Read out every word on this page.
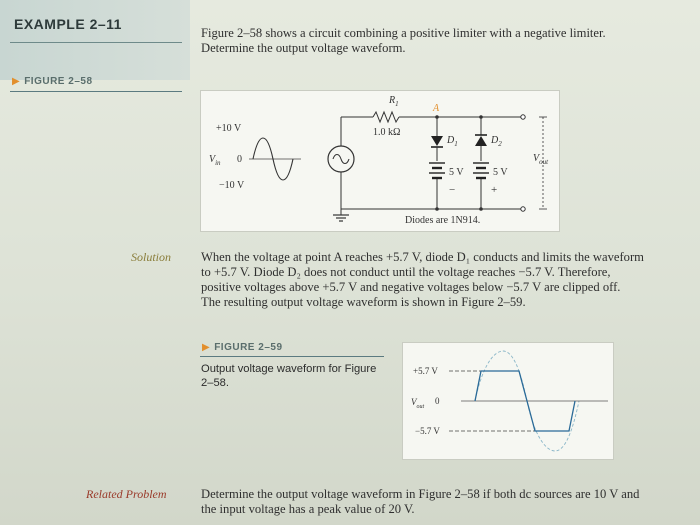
EXAMPLE 2–11
Figure 2–58 shows a circuit combining a positive limiter with a negative limiter.
Determine the output voltage waveform.
▶ FIGURE 2–58
$R_1$
1.0 kΩ
A
$D_1$	$D_2$
5 V	5 V
+10 V
$V_{in}$ 0
−10 V
$V_{out}$
−	+
Diodes are 1N914.
Solution When the voltage at point A reaches +5.7 V, diode D₁ conducts and limits the waveform
to +5.7 V. Diode D₂ does not conduct until the voltage reaches −5.7 V. Therefore,
positive voltages above +5.7 V and negative voltages below −5.7 V are clipped off.
The resulting output voltage waveform is shown in Figure 2–59.
▶ FIGURE 2–59
Output voltage waveform for Figure
2–58.
+5.7 V
$V_{out}$
0
−5.7 V
Related Problem	Determine the output voltage waveform in Figure 2–58 if both dc sources are 10 V and
the input voltage has a peak value of 20 V.
